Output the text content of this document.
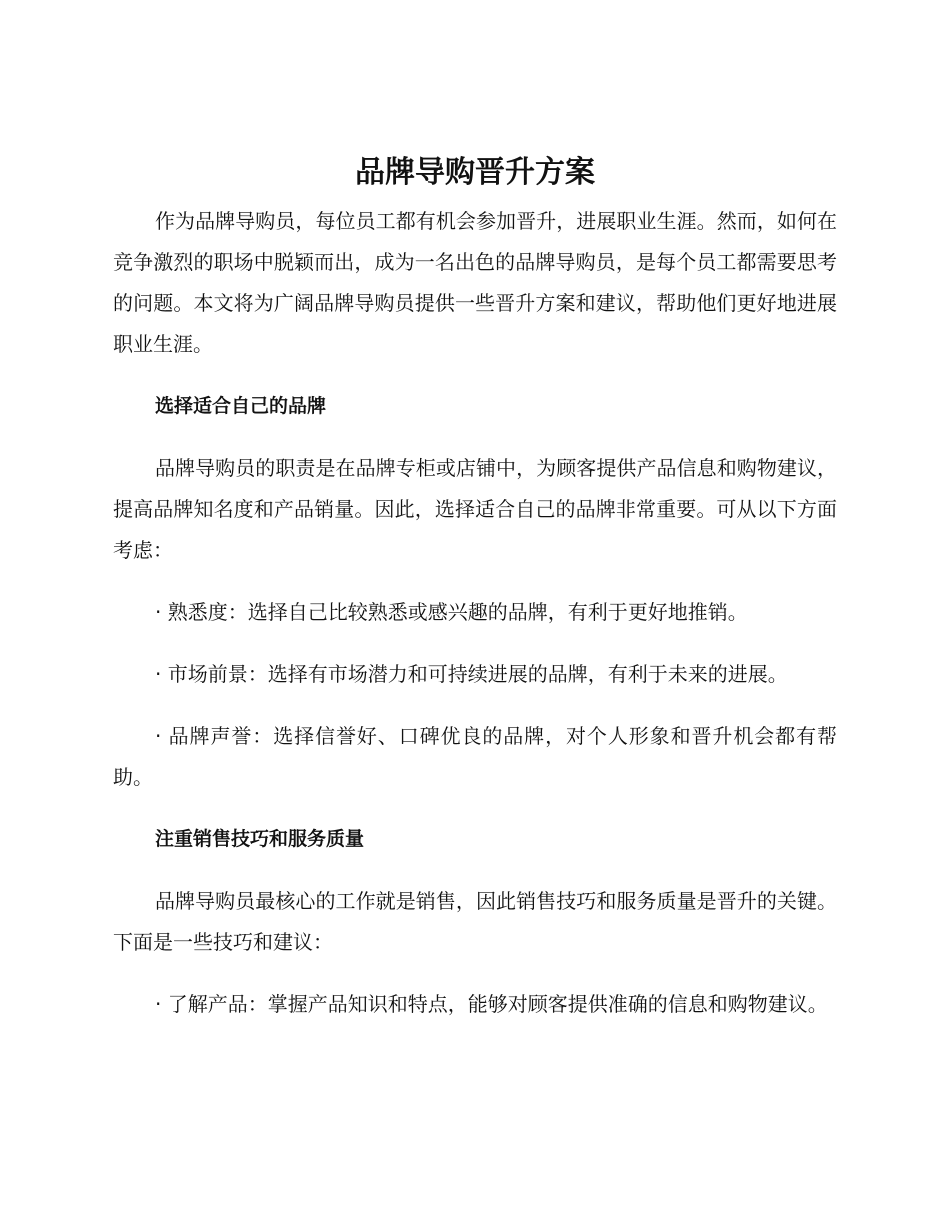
品牌导购晋升方案

作为品牌导购员，每位员工都有机会参加晋升，进展职业生涯。然而，如何在竞争激烈的职场中脱颖而出，成为一名出色的品牌导购员，是每个员工都需要思考的问题。本文将为广阔品牌导购员提供一些晋升方案和建议，帮助他们更好地进展职业生涯。

选择适合自己的品牌

品牌导购员的职责是在品牌专柜或店铺中，为顾客提供产品信息和购物建议，提高品牌知名度和产品销量。因此，选择适合自己的品牌非常重要。可从以下方面考虑：

· 熟悉度：选择自己比较熟悉或感兴趣的品牌，有利于更好地推销。

· 市场前景：选择有市场潜力和可持续进展的品牌，有利于未来的进展。

· 品牌声誉：选择信誉好、口碑优良的品牌，对个人形象和晋升机会都有帮助。

注重销售技巧和服务质量

品牌导购员最核心的工作就是销售，因此销售技巧和服务质量是晋升的关键。下面是一些技巧和建议：

· 了解产品：掌握产品知识和特点，能够对顾客提供准确的信息和购物建议。
